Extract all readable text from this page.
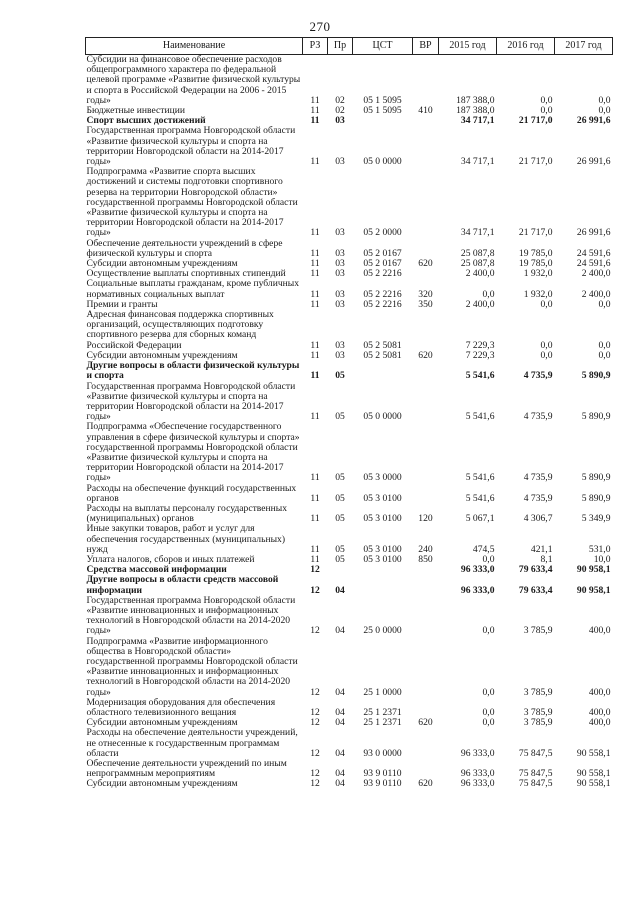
270
Наименование	РЗ	Пр	ЦСТ	ВР	2015 год	2016 год	2017 год
Субсидии на финансовое обеспечение расходов общепрограммного характера по федеральной целевой программе «Развитие физической культуры и спорта в Российской Федерации на 2006 - 2015 годы»	11	02	05 1 5095		187 388,0	0,0	0,0
Бюджетные инвестиции	11	02	05 1 5095	410	187 388,0	0,0	0,0
Спорт высших достижений	11	03			34 717,1	21 717,0	26 991,6
Государственная программа Новгородской области «Развитие физической культуры и спорта на территории Новгородской области на 2014-2017 годы»	11	03	05 0 0000		34 717,1	21 717,0	26 991,6
Подпрограмма «Развитие спорта высших достижений и системы подготовки спортивного резерва на территории Новгородской области» государственной программы Новгородской области «Развитие физической культуры и спорта на территории Новгородской области на 2014-2017 годы»	11	03	05 2 0000		34 717,1	21 717,0	26 991,6
Обеспечение деятельности учреждений в сфере физической культуры и спорта	11	03	05 2 0167		25 087,8	19 785,0	24 591,6
Субсидии автономным учреждениям	11	03	05 2 0167	620	25 087,8	19 785,0	24 591,6
Осуществление выплаты спортивных стипендий	11	03	05 2 2216		2 400,0	1 932,0	2 400,0
Социальные выплаты гражданам, кроме публичных нормативных социальных выплат	11	03	05 2 2216	320	0,0	1 932,0	2 400,0
Премии и гранты	11	03	05 2 2216	350	2 400,0	0,0	0,0
Адресная финансовая поддержка спортивных организаций, осуществляющих подготовку спортивного резерва для сборных команд Российской Федерации	11	03	05 2 5081		7 229,3	0,0	0,0
Субсидии автономным учреждениям	11	03	05 2 5081	620	7 229,3	0,0	0,0
Другие вопросы в области физической культуры и спорта	11	05			5 541,6	4 735,9	5 890,9
Государственная программа Новгородской области «Развитие физической культуры и спорта на территории Новгородской области на 2014-2017 годы»	11	05	05 0 0000		5 541,6	4 735,9	5 890,9
Подпрограмма «Обеспечение государственного управления в сфере физической культуры и спорта» государственной программы Новгородской области «Развитие физической культуры и спорта на территории Новгородской области на 2014-2017 годы»	11	05	05 3 0000		5 541,6	4 735,9	5 890,9
Расходы на обеспечение функций государственных органов	11	05	05 3 0100		5 541,6	4 735,9	5 890,9
Расходы на выплаты персоналу государственных (муниципальных) органов	11	05	05 3 0100	120	5 067,1	4 306,7	5 349,9
Иные закупки товаров, работ и услуг для обеспечения государственных (муниципальных) нужд	11	05	05 3 0100	240	474,5	421,1	531,0
Уплата налогов, сборов и иных платежей	11	05	05 3 0100	850	0,0	8,1	10,0
Средства массовой информации	12				96 333,0	79 633,4	90 958,1
Другие вопросы в области средств массовой информации	12	04			96 333,0	79 633,4	90 958,1
Государственная программа Новгородской области «Развитие инновационных и информационных технологий в Новгородской области на 2014-2020 годы»	12	04	25 0 0000		0,0	3 785,9	400,0
Подпрограмма «Развитие информационного общества в Новгородской области» государственной программы Новгородской области «Развитие инновационных и информационных технологий в Новгородской области на 2014-2020 годы»	12	04	25 1 0000		0,0	3 785,9	400,0
Модернизация оборудования для обеспечения областного телевизионного вещания	12	04	25 1 2371		0,0	3 785,9	400,0
Субсидии автономным учреждениям	12	04	25 1 2371	620	0,0	3 785,9	400,0
Расходы на обеспечение деятельности учреждений, не отнесенные к государственным программам области	12	04	93 0 0000		96 333,0	75 847,5	90 558,1
Обеспечение деятельности учреждений по иным непрограммным мероприятиям	12	04	93 9 0110		96 333,0	75 847,5	90 558,1
Субсидии автономным учреждениям	12	04	93 9 0110	620	96 333,0	75 847,5	90 558,1
